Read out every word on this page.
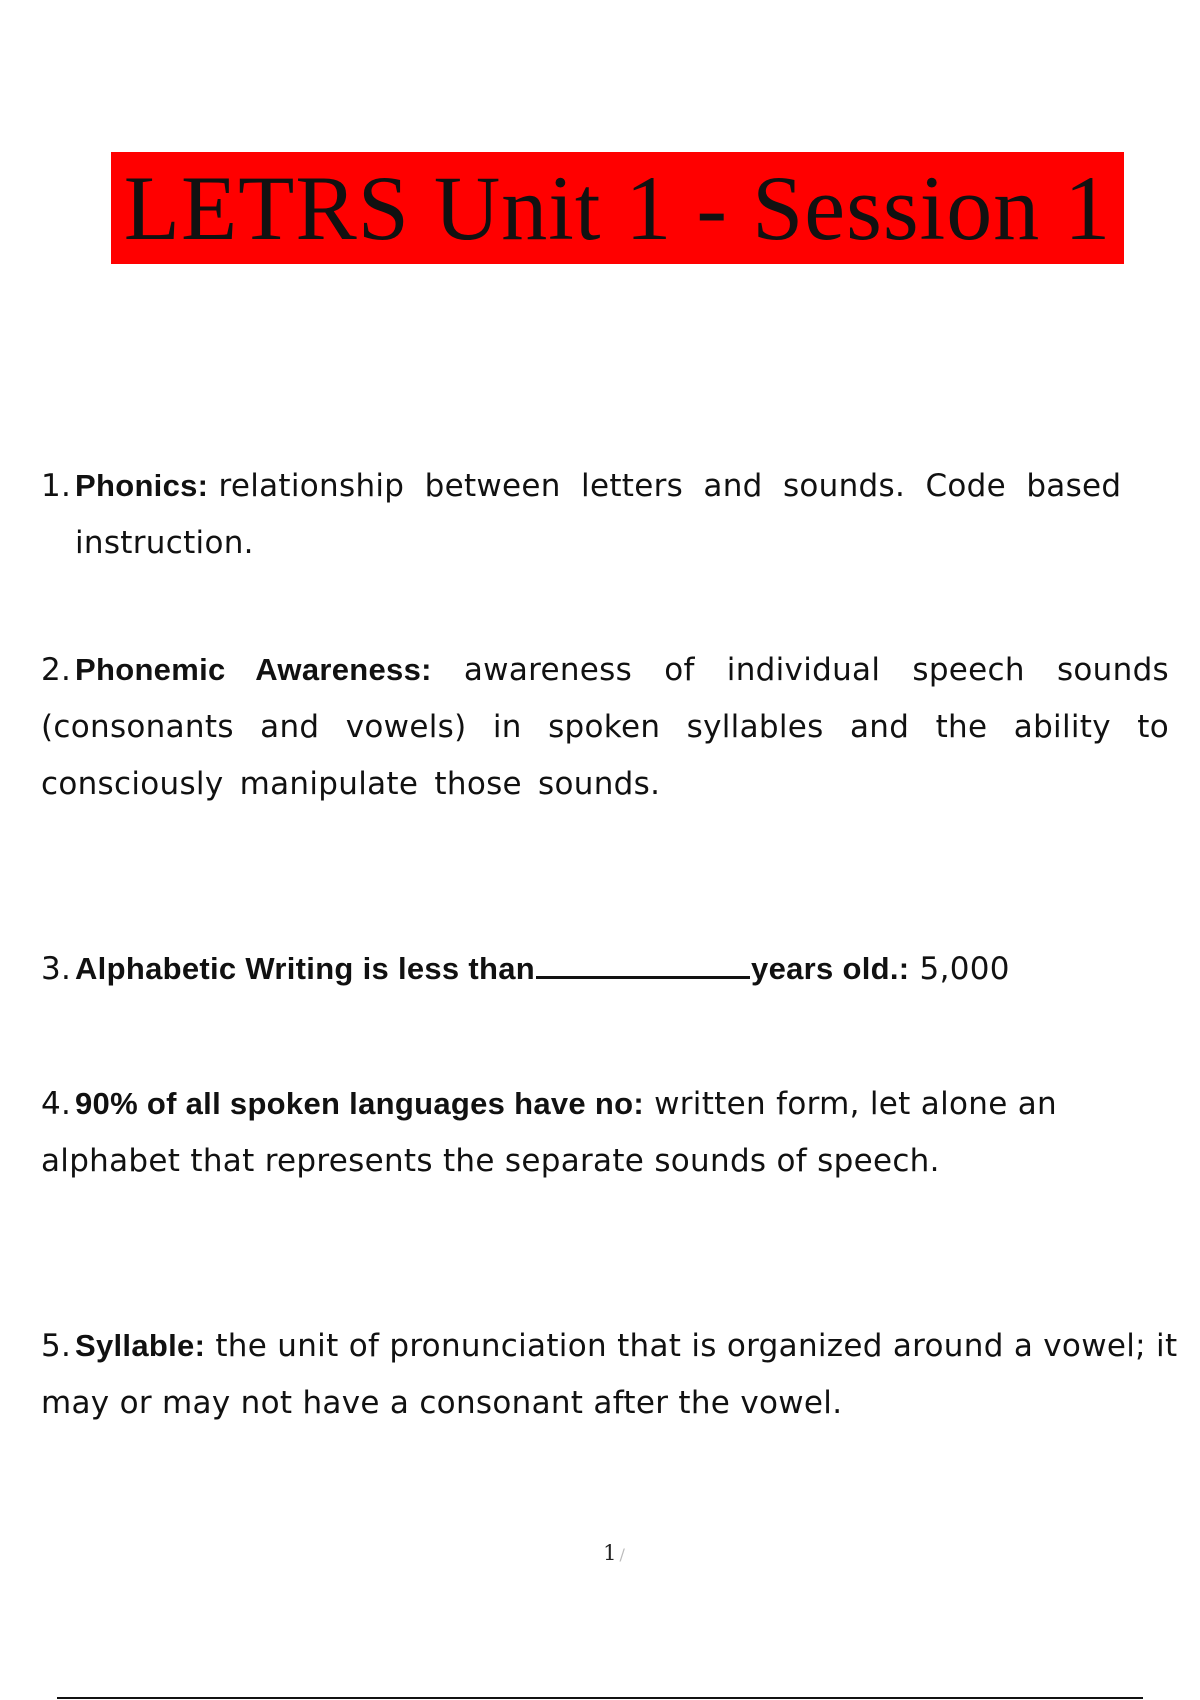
LETRS Unit 1 - Session 1
1. Phonics: relationship  between  letters  and  sounds.  Code  based
instruction.
2. Phonemic Awareness: awareness of individual speech sounds (consonants and vowels) in spoken syllables and the ability to consciously manipulate those sounds.
3. Alphabetic Writing is less than	years old.: 5,000
4. 90% of all spoken languages have no: written form, let alone an alphabet that represents the separate sounds of speech.
5. Syllable: the unit of pronunciation that is organized around a vowel; it may or may not have a consonant after the vowel.
1 /
